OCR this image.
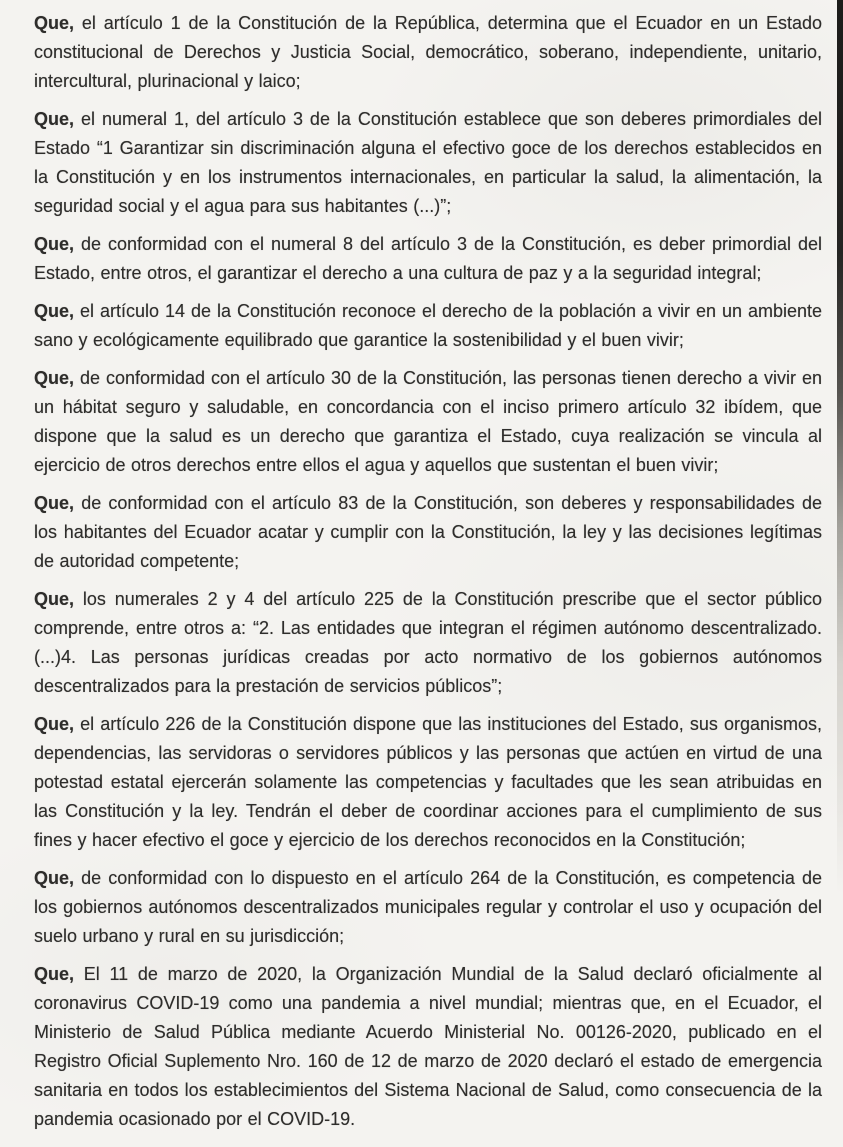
Que, el artículo 1 de la Constitución de la República, determina que el Ecuador en un Estado constitucional de Derechos y Justicia Social, democrático, soberano, independiente, unitario, intercultural, plurinacional y laico;

Que, el numeral 1, del artículo 3 de la Constitución establece que son deberes primordiales del Estado “1 Garantizar sin discriminación alguna el efectivo goce de los derechos establecidos en la Constitución y en los instrumentos internacionales, en particular la salud, la alimentación, la seguridad social y el agua para sus habitantes (...)”;

Que, de conformidad con el numeral 8 del artículo 3 de la Constitución, es deber primordial del Estado, entre otros, el garantizar el derecho a una cultura de paz y a la seguridad integral;

Que, el artículo 14 de la Constitución reconoce el derecho de la población a vivir en un ambiente sano y ecológicamente equilibrado que garantice la sostenibilidad y el buen vivir;

Que, de conformidad con el artículo 30 de la Constitución, las personas tienen derecho a vivir en un hábitat seguro y saludable, en concordancia con el inciso primero artículo 32 ibídem, que dispone que la salud es un derecho que garantiza el Estado, cuya realización se vincula al ejercicio de otros derechos entre ellos el agua y aquellos que sustentan el buen vivir;

Que, de conformidad con el artículo 83 de la Constitución, son deberes y responsabilidades de los habitantes del Ecuador acatar y cumplir con la Constitución, la ley y las decisiones legítimas de autoridad competente;

Que, los numerales 2 y 4 del artículo 225 de la Constitución prescribe que el sector público comprende, entre otros a: “2. Las entidades que integran el régimen autónomo descentralizado. (...)4. Las personas jurídicas creadas por acto normativo de los gobiernos autónomos descentralizados para la prestación de servicios públicos”;

Que, el artículo 226 de la Constitución dispone que las instituciones del Estado, sus organismos, dependencias, las servidoras o servidores públicos y las personas que actúen en virtud de una potestad estatal ejercerán solamente las competencias y facultades que les sean atribuidas en las Constitución y la ley. Tendrán el deber de coordinar acciones para el cumplimiento de sus fines y hacer efectivo el goce y ejercicio de los derechos reconocidos en la Constitución;

Que, de conformidad con lo dispuesto en el artículo 264 de la Constitución, es competencia de los gobiernos autónomos descentralizados municipales regular y controlar el uso y ocupación del suelo urbano y rural en su jurisdicción;

Que, El 11 de marzo de 2020, la Organización Mundial de la Salud declaró oficialmente al coronavirus COVID-19 como una pandemia a nivel mundial; mientras que, en el Ecuador, el Ministerio de Salud Pública mediante Acuerdo Ministerial No. 00126-2020, publicado en el Registro Oficial Suplemento Nro. 160 de 12 de marzo de 2020 declaró el estado de emergencia sanitaria en todos los establecimientos del Sistema Nacional de Salud, como consecuencia de la pandemia ocasionado por el COVID-19.
